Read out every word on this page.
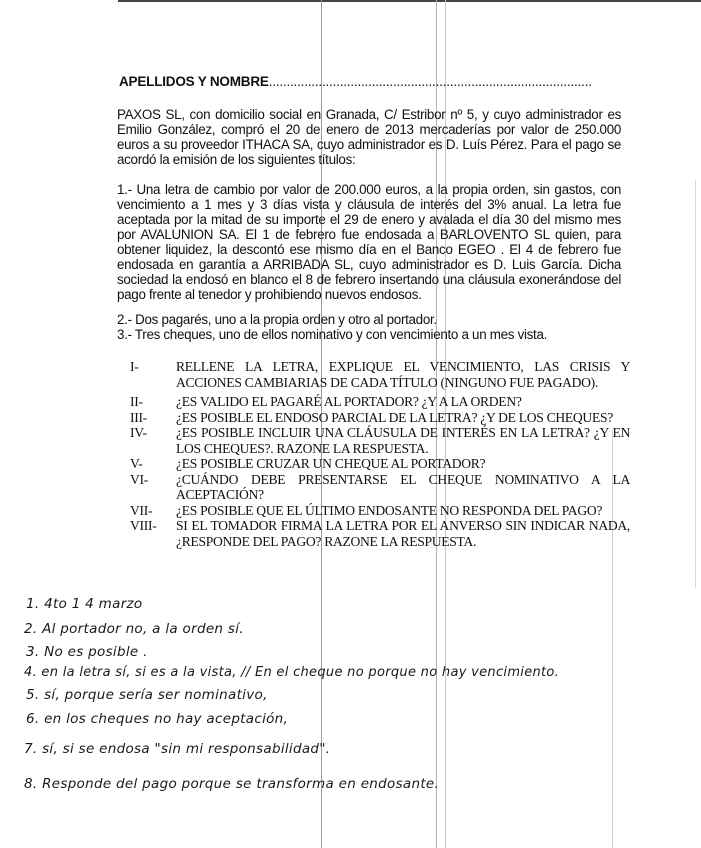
APELLIDOS Y NOMBRE...........................................................................................
PAXOS SL, con domicilio social en Granada, C/ Estribor nº 5, y cuyo administrador es Emilio González, compró el 20 de enero de 2013 mercaderías por valor de 250.000 euros a su proveedor ITHACA SA, cuyo administrador es D. Luís Pérez. Para el pago se acordó la emisión de los siguientes títulos:
1.- Una letra de cambio por valor de 200.000 euros, a la propia orden, sin gastos, con vencimiento a 1 mes y 3 días vista y cláusula de interés del 3% anual. La letra fue aceptada por la mitad de su importe el 29 de enero y avalada el día 30 del mismo mes por AVALUNION SA. El 1 de febrero fue endosada a BARLOVENTO SL quien, para obtener liquidez, la descontó ese mismo día en el Banco EGEO . El 4 de febrero fue endosada en garantía a ARRIBADA SL, cuyo administrador es D. Luis García. Dicha sociedad la endosó en blanco el 8 de febrero insertando una cláusula exonerándose del pago frente al tenedor y prohibiendo nuevos endosos.
2.- Dos pagarés, uno a la propia orden y otro al portador.
3.- Tres cheques, uno de ellos nominativo y con vencimiento a un mes vista.
I-	RELLENE LA LETRA, EXPLIQUE EL VENCIMIENTO, LAS CRISIS Y ACCIONES CAMBIARIAS DE CADA TÍTULO (NINGUNO FUE PAGADO).
II-	¿ES VALIDO EL PAGARÉ AL PORTADOR? ¿Y A LA ORDEN?
III-	¿ES POSIBLE EL ENDOSO PARCIAL DE LA LETRA? ¿Y DE LOS CHEQUES?
IV-	¿ES POSIBLE INCLUIR UNA CLÁUSULA DE INTERÉS EN LA LETRA? ¿Y EN LOS CHEQUES?. RAZONE LA RESPUESTA.
V-	¿ES POSIBLE CRUZAR UN CHEQUE AL PORTADOR?
VI-	¿CUÁNDO DEBE PRESENTARSE EL CHEQUE NOMINATIVO A LA ACEPTACIÓN?
VII-	¿ES POSIBLE QUE EL ÚLTIMO ENDOSANTE NO RESPONDA DEL PAGO?
VIII-	SI EL TOMADOR FIRMA LA LETRA POR EL ANVERSO SIN INDICAR NADA, ¿RESPONDE DEL PAGO? RAZONE LA RESPUESTA.
1. 4to 1 4 marzo
2. Al portador no, a la orden sí.
3. No es posible .
4. en la letra sí, si es a la vista, // En el cheque no porque no hay vencimiento.
5. sí, porque sería ser nominativo,
6. en los cheques no hay aceptación,
7. sí, si se endosa "sin mi responsabilidad".
8. Responde del pago porque se transforma en endosante.
